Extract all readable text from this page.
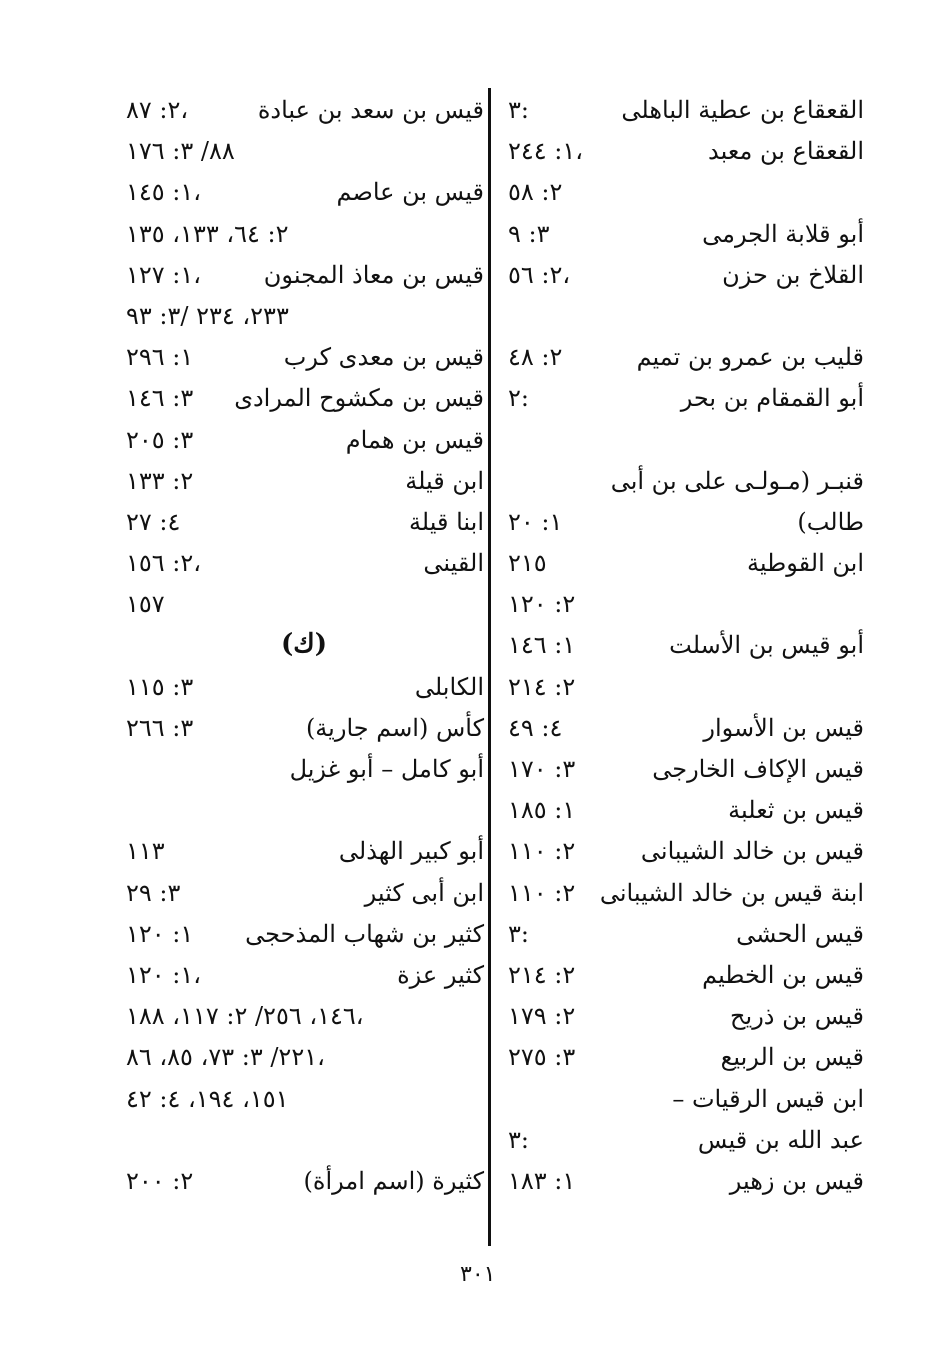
القعقاع بن عطية الباهلى
٣:
القعقاع بن معبد
١: ٢٤٤،
٢: ٥٨
أبو قلابة الجرمى
٣: ٩
القلاخ بن حزن
٢: ٥٦،
قليب بن عمرو بن تميم
٢: ٤٨
أبو القمقام بن بحر
٢:
قنبـر (مـولـى على بن أبى
طالب)
١: ٢٠
ابن القوطية
٢١٥
٢: ١٢٠
أبو قيس بن الأسلت
١: ١٤٦
٢: ٢١٤
قيس بن الأسوار
٤: ٤٩
قيس الإكاف الخارجى
٣: ١٧٠
قيس بن ثعلبة
١: ١٨٥
قيس بن خالد الشيبانى
٢: ١١٠
ابنة قيس بن خالد الشيبانى
٢: ١١٠
قيس الحشى
٣:
قيس بن الخطيم
٢: ٢١٤
قيس بن ذريح
٢: ١٧٩
قيس بن الربيع
٣: ٢٧٥
ابن قيس الرقيات –
عبد الله بن قيس
٣:
قيس بن زهير
١: ١٨٣
قيس بن سعد بن عبادة
٢: ٨٧،
٨٨/ ٣: ١٧٦
قيس بن عاصم
١: ١٤٥،
٢: ٦٤، ١٣٣، ١٣٥
قيس بن معاذ المجنون
١: ١٢٧،
٢٣٣، ٢٣٤ /٣: ٩٣
قيس بن معدى كرب
١: ٢٩٦
قيس بن مكشوح المرادى
٣: ١٤٦
قيس بن همام
٣: ٢٠٥
ابن قيلة
٢: ١٣٣
ابنا قيلة
٤: ٢٧
القينى
٢: ١٥٦،
١٥٧
(ك)
الكابلى
٣: ١١٥
كأس (اسم جارية)
٣: ٢٦٦
أبو كامل – أبو غزيل
أبو كبير الهذلى
١١٣
ابن أبى كثير
٣: ٢٩
كثير بن شهاب المذحجى
١: ١٢٠
كثير عزة
١: ١٢٠،
١٤٦، ٢٥٦/ ٢: ١١٧، ١٨٨،
٢٢١/ ٣: ٧٣، ٨٥، ٨٦،
١٥١، ١٩٤، ٤: ٤٢
كثيرة (اسم امرأة)
٢: ٢٠٠
٣٠١
